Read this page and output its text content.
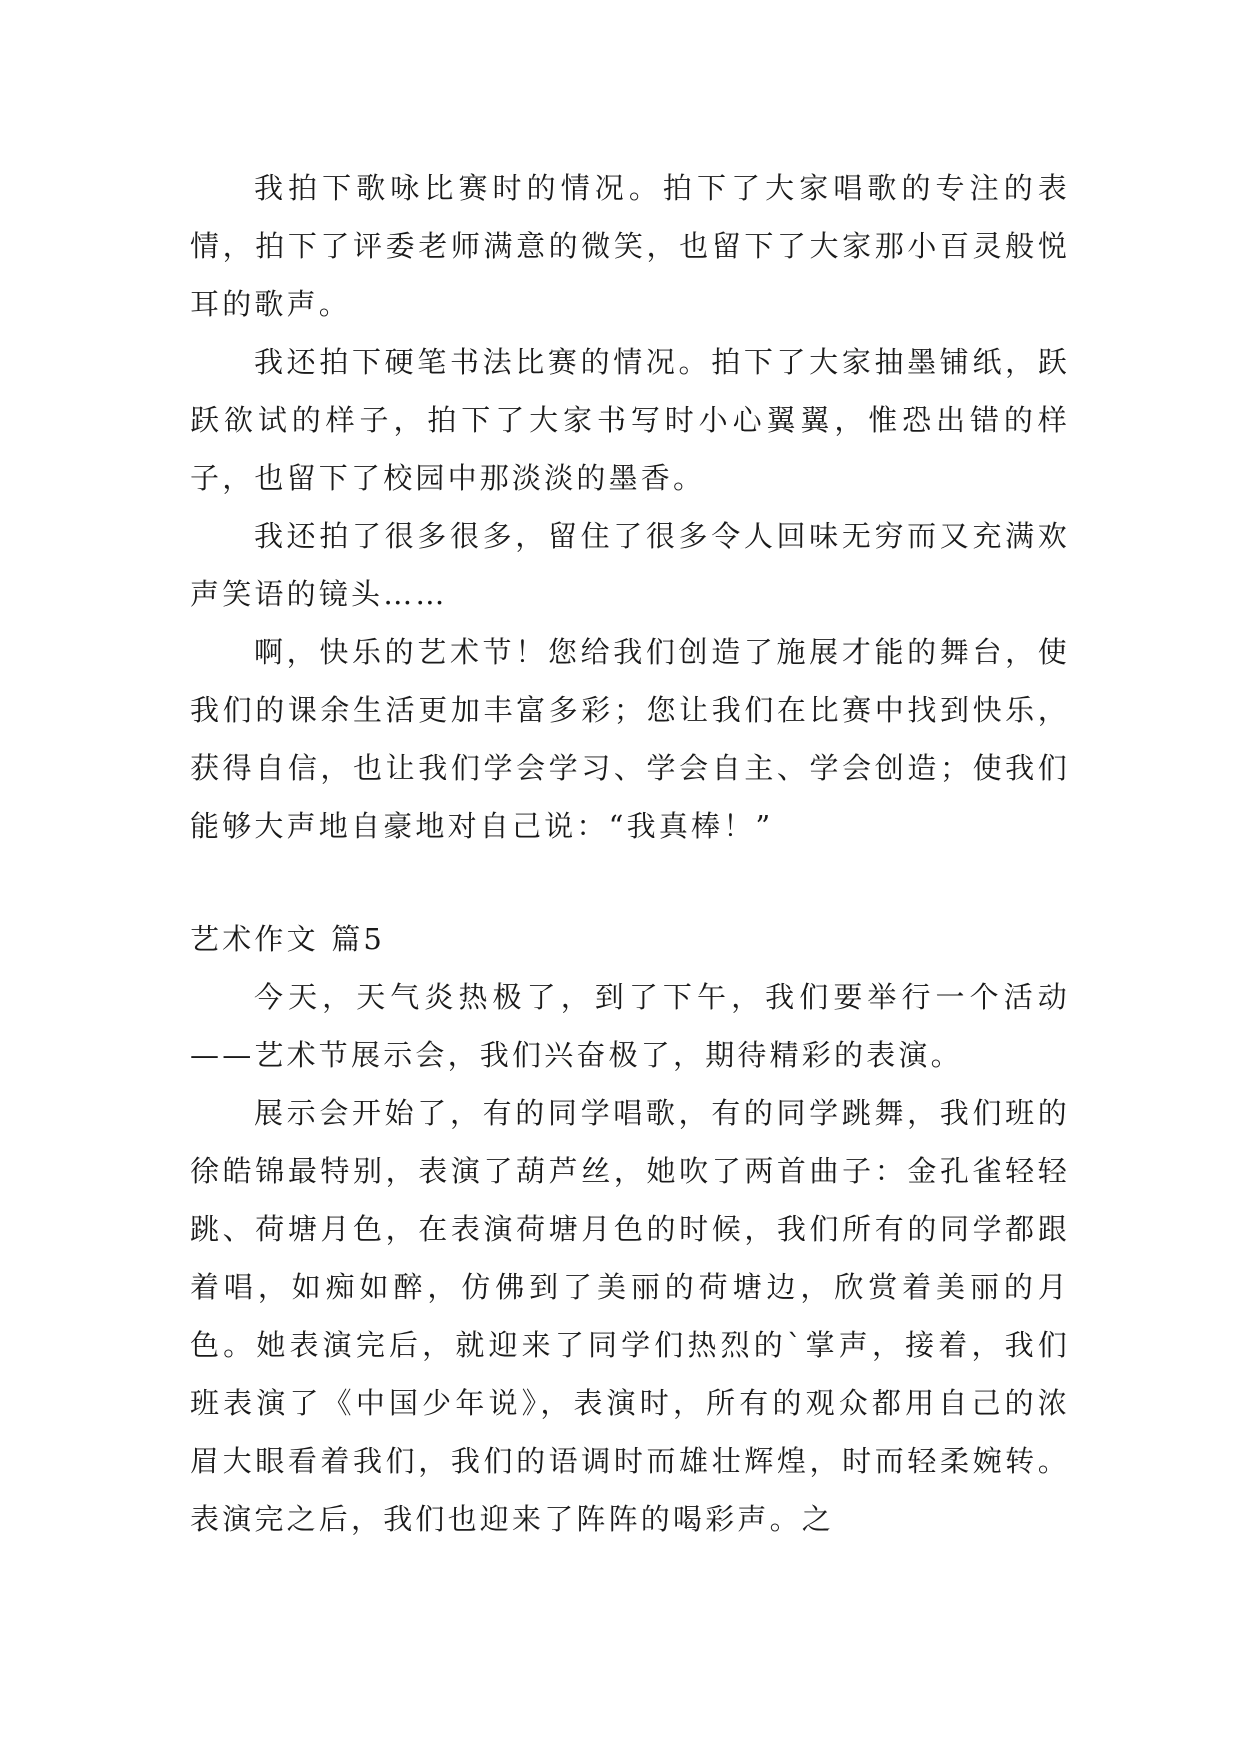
我拍下歌咏比赛时的情况。拍下了大家唱歌的专注的表情，拍下了评委老师满意的微笑，也留下了大家那小百灵般悦耳的歌声。

我还拍下硬笔书法比赛的情况。拍下了大家抽墨铺纸，跃跃欲试的样子，拍下了大家书写时小心翼翼，惟恐出错的样子，也留下了校园中那淡淡的墨香。

我还拍了很多很多，留住了很多令人回味无穷而又充满欢声笑语的镜头……

啊，快乐的艺术节！您给我们创造了施展才能的舞台，使我们的课余生活更加丰富多彩；您让我们在比赛中找到快乐，获得自信，也让我们学会学习、学会自主、学会创造；使我们能够大声地自豪地对自己说：“我真棒！”

艺术作文 篇5

今天，天气炎热极了，到了下午，我们要举行一个活动——艺术节展示会，我们兴奋极了，期待精彩的表演。

展示会开始了，有的同学唱歌，有的同学跳舞，我们班的徐皓锦最特别，表演了葫芦丝，她吹了两首曲子：金孔雀轻轻跳、荷塘月色，在表演荷塘月色的时候，我们所有的同学都跟着唱，如痴如醉，仿佛到了美丽的荷塘边，欣赏着美丽的月色。她表演完后，就迎来了同学们热烈的`掌声，接着，我们班表演了《中国少年说》，表演时，所有的观众都用自己的浓眉大眼看着我们，我们的语调时而雄壮辉煌，时而轻柔婉转。表演完之后，我们也迎来了阵阵的喝彩声。之
